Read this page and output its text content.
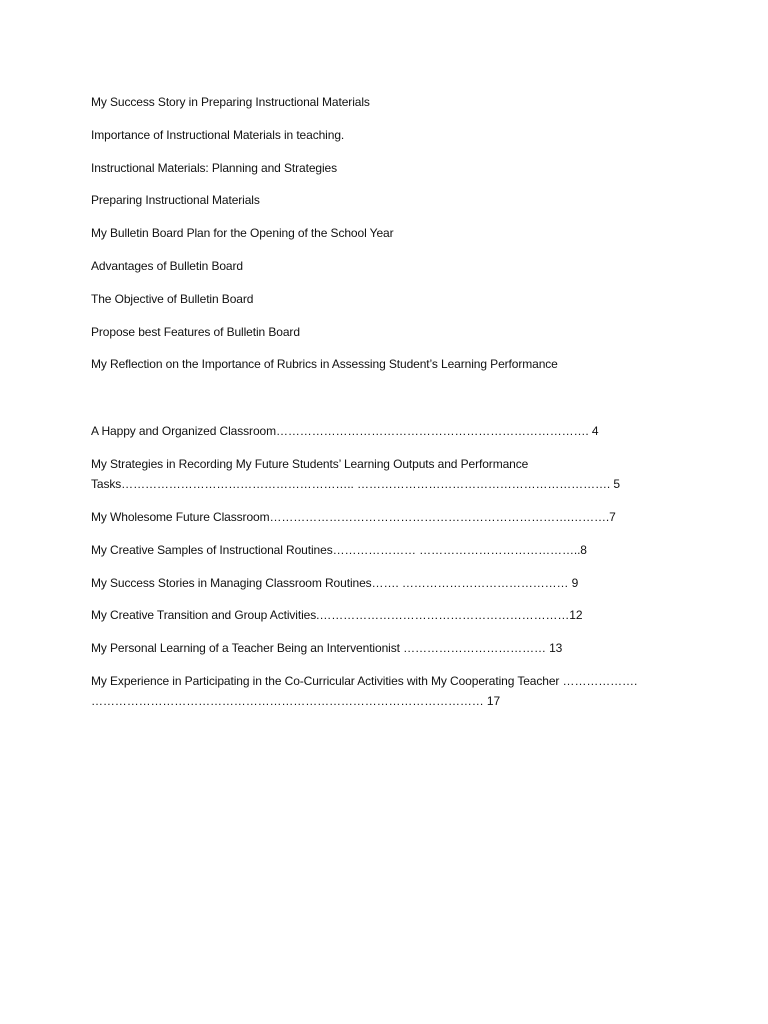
My Success Story in Preparing Instructional Materials
Importance of Instructional Materials in teaching.
Instructional Materials: Planning and Strategies
Preparing Instructional Materials
My Bulletin Board Plan for the Opening of the School Year
Advantages of Bulletin Board
The Objective of Bulletin Board
Propose best Features of Bulletin Board
My Reflection on the Importance of Rubrics in Assessing Student’s Learning Performance
A Happy and Organized Classroom……………………………………………………………………. 4
My Strategies in Recording My Future Students’ Learning Outputs and Performance
Tasks………………………………………………….. ………………………………………………………. 5
My Wholesome Future Classroom………………………………………………………………….……….7
My Creative Samples of Instructional Routines………………… …………………………………..8
My Success Stories in Managing Classroom Routines……. …………………………………… 9
My Creative Transition and Group Activities.………………………………………………………12
My Personal Learning of a Teacher Being an Interventionist ……………………………… 13
My Experience in Participating in the Co-Curricular Activities with My Cooperating Teacher ……………….
……………………………………………………………………………………… 17
